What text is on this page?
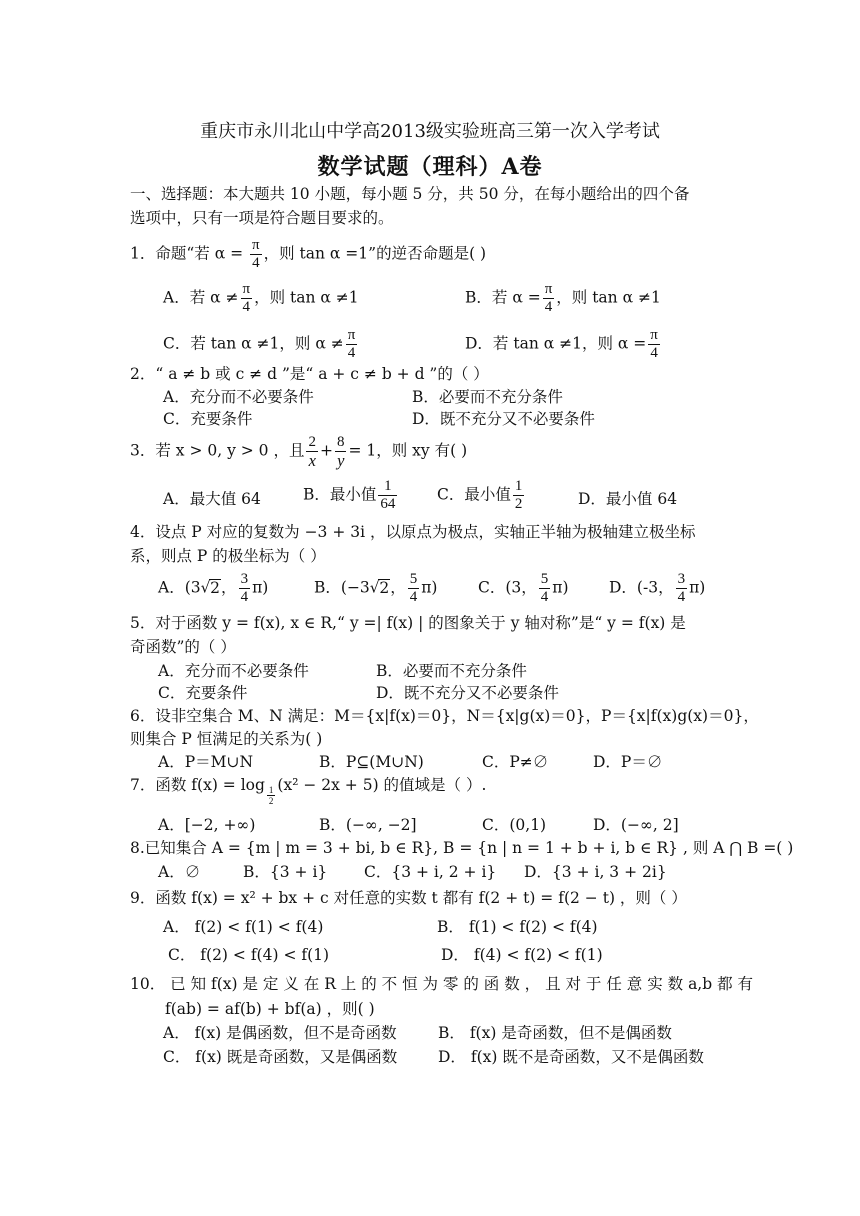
重庆市永川北山中学高2013级实验班高三第一次入学考试
数学试题（理科）A卷
一、选择题：本大题共 10 小题，每小题 5 分，共 50 分，在每小题给出的四个备
选项中，只有一项是符合题目要求的。
1．命题“若 $\alpha = \frac{\pi}{4}$ ，则 tan α =1”的逆否命题是( )
A．若 $\alpha \ne \frac{\pi}{4}$ ，则 tan α ≠1	B．若 $\alpha = \frac{\pi}{4}$ ，则 tan α ≠1
C．若 tan α ≠1，则 $\alpha \ne \frac{\pi}{4}$	D．若 tan α ≠1，则 $\alpha = \frac{\pi}{4}$
2．“ a ≠ b 或 c ≠ d ”是“ a + c ≠ b + d ”的（ ）
A．充分而不必要条件	B．必要而不充分条件
C．充要条件	D．既不充分又不必要条件
3．若 x > 0, y > 0 ，且 $\frac{2}{x} + \frac{8}{y} = 1$，则 xy 有( )
A．最大值 64	B．最小值 $\frac{1}{64}$	C．最小值 $\frac{1}{2}$	D．最小值 64
4．设点 P 对应的复数为 −3 + 3i ，以原点为极点，实轴正半轴为极轴建立极坐标
系，则点 P 的极坐标为（ ）
A．(3√2， $\frac{3}{4} \pi$)	B．(−3√2， $\frac{5}{4} \pi$)	C．(3， $\frac{5}{4} \pi$)	D．(-3， $\frac{3}{4} \pi$)
5．对于函数 y = f(x), x ∈ R,“ y =| f(x) | 的图象关于 y 轴对称”是“ y = f(x) 是
奇函数”的（ ）
A．充分而不必要条件	B．必要而不充分条件
C．充要条件	D．既不充分又不必要条件
6．设非空集合 M、N 满足：M＝{x|f(x)＝0}，N＝{x|g(x)＝0}，P＝{x|f(x)g(x)＝0}，
则集合 P 恒满足的关系为( )
A．P＝M∪N	B．P⊆(M∪N)	C．P≠∅	D．P＝∅
7．函数 $f(x) = \log \frac{1}{2} (x^2 - 2x + 5)$ 的值域是（ ）.
A．[−2, +∞)	B．(−∞, −2]	C．(0,1)	D．(−∞, 2]
8.已知集合 A = {m | m = 3 + bi, b ∈ R}, B = {n | n = 1 + b + i, b ∈ R} , 则 A ⋂ B =( )
A．∅	B．{3 + i} C．{3 + i, 2 + i} D．{3 + i, 3 + 2i}
9．函数 f(x) = x² + bx + c 对任意的实数 t 都有 f(2 + t) = f(2 − t) ，则（ ）
A． f(2) < f(1) < f(4)	B． f(1) < f(2) < f(4)
C． f(2) < f(4) < f(1)	D． f(4) < f(2) < f(1)
10． 已 知 f(x) 是 定 义 在 R 上 的 不 恒 为 零 的 函 数 ， 且 对 于 任 意 实 数 a,b 都 有
f(ab) = af(b) + bf(a) ，则( )
A． f(x) 是偶函数，但不是奇函数	B． f(x) 是奇函数，但不是偶函数
C． f(x) 既是奇函数，又是偶函数	D． f(x) 既不是奇函数，又不是偶函数
